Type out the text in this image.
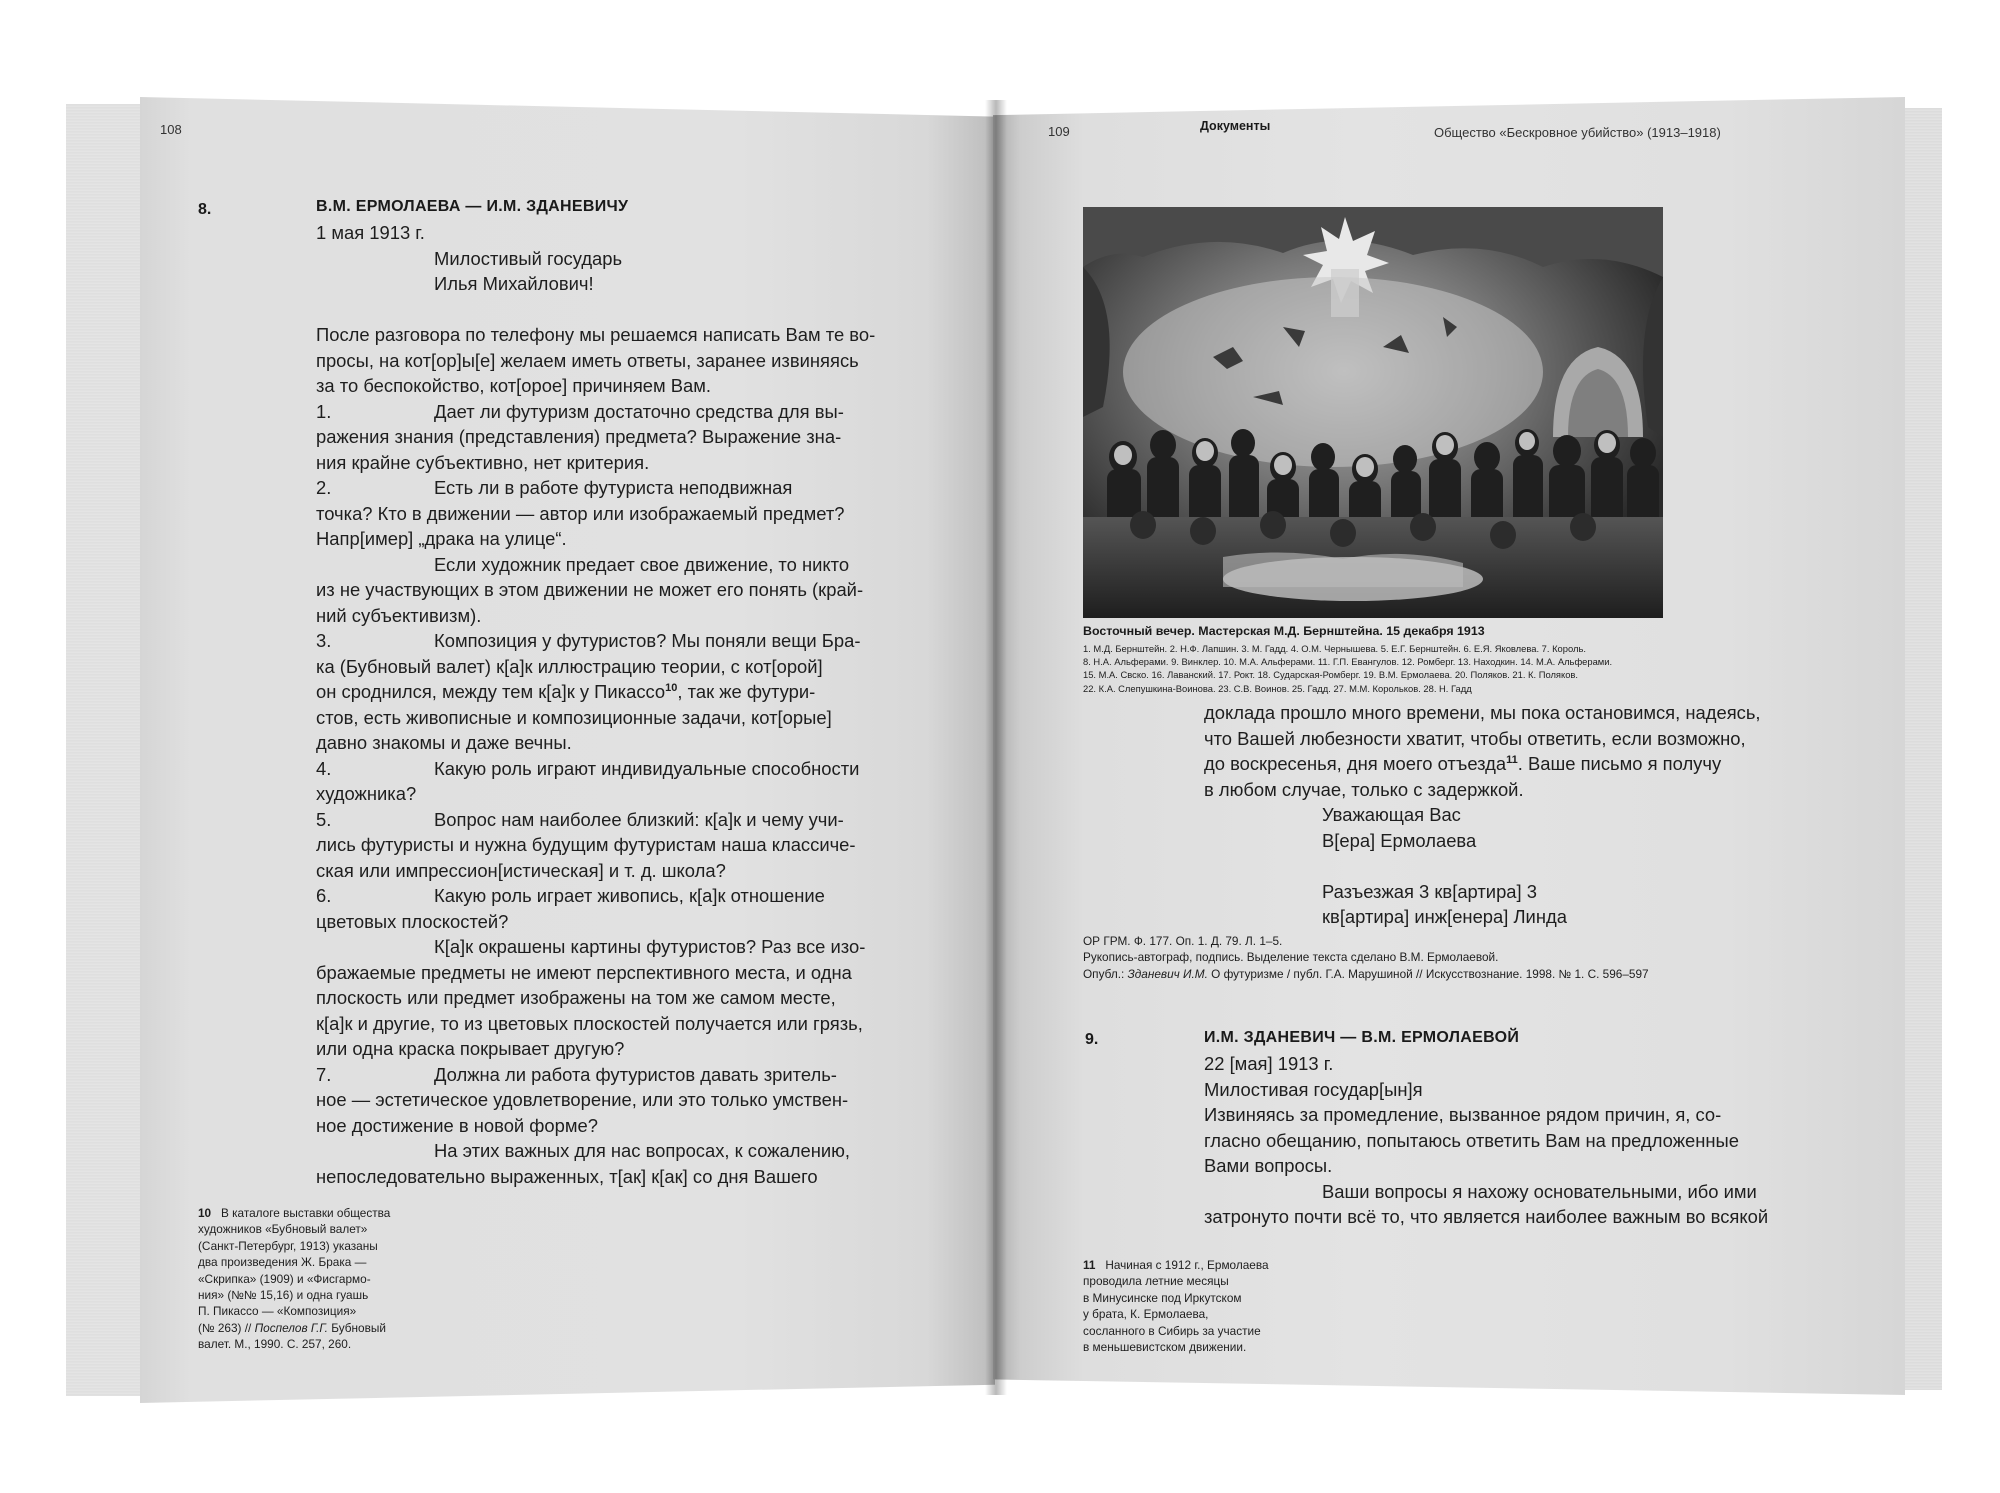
108
8.	В.М. ЕРМОЛАЕВА — И.М. ЗДАНЕВИЧУ
1 мая 1913 г.
Милостивый государь
Илья Михайлович!
После разговора по телефону мы решаемся написать Вам те во-
просы, на кот[ор]ы[е] желаем иметь ответы, заранее извиняясь
за то беспокойство, кот[орое] причиняем Вам.
1.	Дает ли футуризм достаточно средства для вы-
ражения знания (представления) предмета? Выражение зна-
ния крайне субъективно, нет критерия.
2.	Есть ли в работе футуриста неподвижная
точка? Кто в движении — автор или изображаемый предмет?
Напр[имер] „драка на улице“.
Если художник предает свое движение, то никто
из не участвующих в этом движении не может его понять (край-
ний субъективизм).
3.	Композиция у футуристов? Мы поняли вещи Бра-
ка (Бубновый валет) к[а]к иллюстрацию теории, с кот[орой]
он сроднился, между тем к[а]к у Пикассо$^{10}$, так же футури-
стов, есть живописные и композиционные задачи, кот[орые]
давно знакомы и даже вечны.
4.	Какую роль играют индивидуальные способности
художника?
5.	Вопрос нам наиболее близкий: к[а]к и чему учи-
лись футуристы и нужна будущим футуристам наша классиче-
ская или импрессион[истическая] и т. д. школа?
6.	Какую роль играет живопись, к[а]к отношение
цветовых плоскостей?
К[а]к окрашены картины футуристов? Раз все изо-
бражаемые предметы не имеют перспективного места, и одна
плоскость или предмет изображены на том же самом месте,
к[а]к и другие, то из цветовых плоскостей получается или грязь,
или одна краска покрывает другую?
7.	Должна ли работа футуристов давать зритель-
ное — эстетическое удовлетворение, или это только умствен-
ное достижение в новой форме?
На этих важных для нас вопросах, к сожалению,
непоследовательно выраженных, т[ак] к[ак] со дня Вашего
10 В каталоге выставки общества
художников «Бубновый валет»
(Санкт-Петербург, 1913) указаны
два произведения Ж. Брака —
«Скрипка» (1909) и «Фисгармо-
ния» (№№ 15,16) и одна гуашь
П. Пикассо — «Композиция»
(№ 263) // Поспелов Г.Г. Бубновый
валет. М., 1990. С. 257, 260.
109	Документы	Общество «Бескровное убийство» (1913–1918)
Восточный вечер. Мастерская М.Д. Бернштейна. 15 декабря 1913
1. М.Д. Бернштейн. 2. Н.Ф. Лапшин. 3. М. Гадд. 4. О.М. Чернышева. 5. Е.Г. Бернштейн. 6. Е.Я. Яковлева. 7. Король.
8. Н.А. Альферами. 9. Винклер. 10. М.А. Альферами. 11. Г.П. Евангулов. 12. Ромберг. 13. Находкин. 14. М.А. Альферами.
15. М.А. Свско. 16. Лаванский. 17. Рокт. 18. Сударская-Ромберг. 19. В.М. Ермолаева. 20. Поляков. 21. К. Поляков.
22. К.А. Слепушкина-Воинова. 23. С.В. Воинов. 25. Гадд. 27. М.М. Корольков. 28. Н. Гадд
доклада прошло много времени, мы пока остановимся, надеясь,
что Вашей любезности хватит, чтобы ответить, если возможно,
до воскресенья, дня моего отъезда$^{11}$. Ваше письмо я получу
в любом случае, только с задержкой.
Уважающая Вас
В[ера] Ермолаева
Разъезжая 3 кв[артира] 3
кв[артира] инж[енера] Линда
ОР ГРМ. Ф. 177. Оп. 1. Д. 79. Л. 1–5.
Рукопись-автограф, подпись. Выделение текста сделано В.М. Ермолаевой.
Опубл.: Зданевич И.М. О футуризме / публ. Г.А. Марушиной // Искусствознание. 1998. № 1. С. 596–597
9.	И.М. ЗДАНЕВИЧ — В.М. ЕРМОЛАЕВОЙ
22 [мая] 1913 г.
Милостивая государ[ын]я
Извиняясь за промедление, вызванное рядом причин, я, со-
гласно обещанию, попытаюсь ответить Вам на предложенные
Вами вопросы.
Ваши вопросы я нахожу основательными, ибо ими
затронуто почти всё то, что является наиболее важным во всякой
11 Начиная с 1912 г., Ермолаева
проводила летние месяцы
в Минусинске под Иркутском
у брата, К. Ермолаева,
сосланного в Сибирь за участие
в меньшевистском движении.
